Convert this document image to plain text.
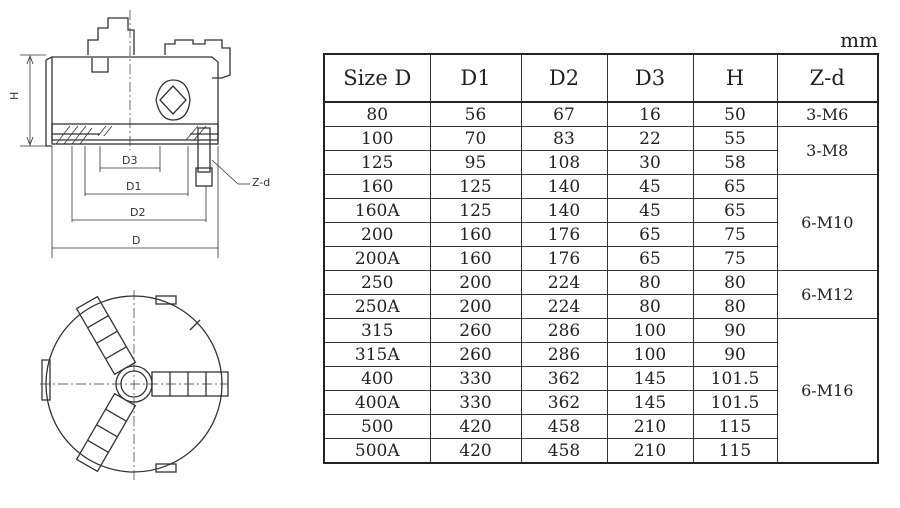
H
D3
D1
D2
D
Z-d
mm
Size D	D1	D2	D3	H	Z-d
80	56	67	16	50	3-M6
100	70	83	22	55	3-M8
125	95	108	30	58	
160	125	140	45	65	6-M10
160A	125	140	45	65	
200	160	176	65	75	
200A	160	176	65	75	
250	200	224	80	80	6-M12
250A	200	224	80	80	
315	260	286	100	90	6-M16
315A	260	286	100	90	
400	330	362	145	101.5	
400A	330	362	145	101.5	
500	420	458	210	115	
500A	420	458	210	115	
